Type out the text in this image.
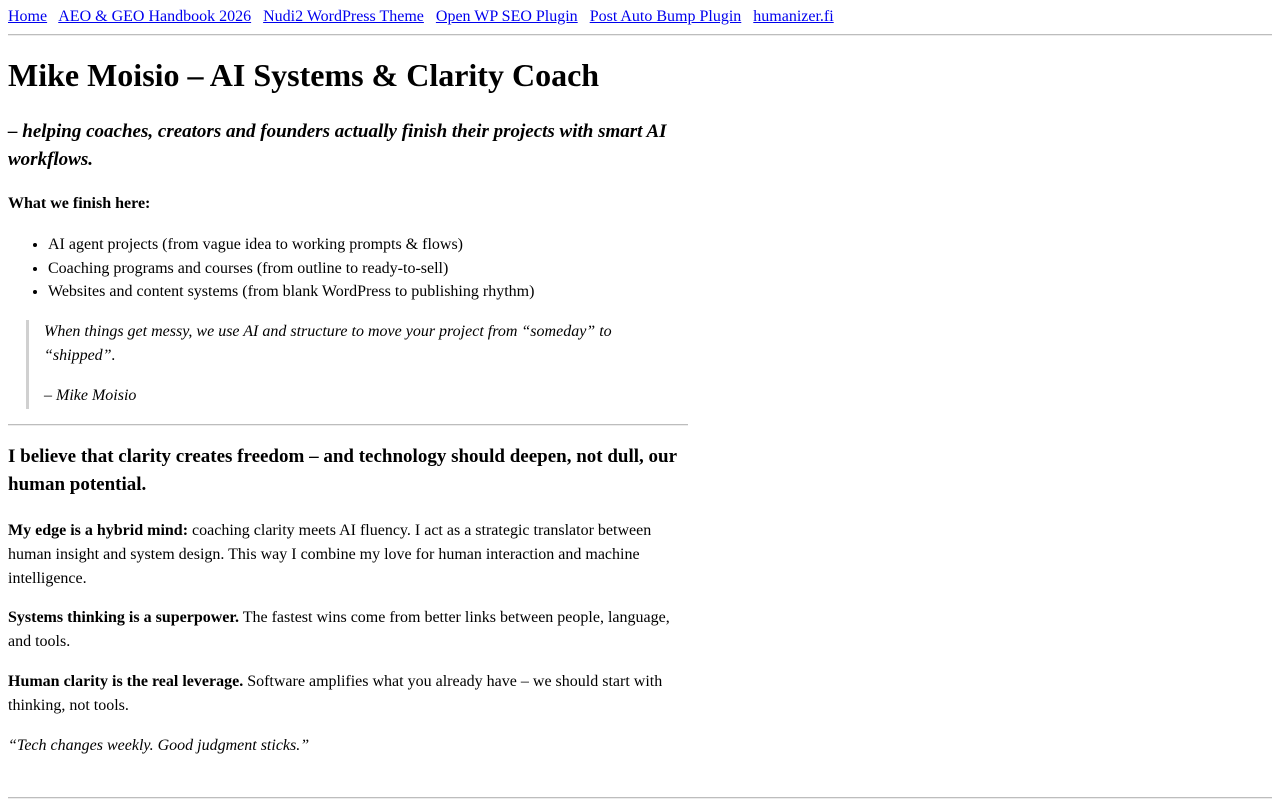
Home AEO & GEO Handbook 2026 Nudi2 WordPress Theme Open WP SEO Plugin Post Auto Bump Plugin humanizer.fi
Mike Moisio – AI Systems & Clarity Coach
– helping coaches, creators and founders actually finish their projects with smart AI workflows.

What we finish here:

• AI agent projects (from vague idea to working prompts & flows)
• Coaching programs and courses (from outline to ready-to-sell)
• Websites and content systems (from blank WordPress to publishing rhythm)

When things get messy, we use AI and structure to move your project from “someday” to “shipped”.

– Mike Moisio

I believe that clarity creates freedom – and technology should deepen, not dull, our human potential.

My edge is a hybrid mind: coaching clarity meets AI fluency. I act as a strategic translator between human insight and system design. This way I combine my love for human interaction and machine intelligence.

Systems thinking is a superpower. The fastest wins come from better links between people, language, and tools.

Human clarity is the real leverage. Software amplifies what you already have – we should start with thinking, not tools.

“Tech changes weekly. Good judgment sticks.”
